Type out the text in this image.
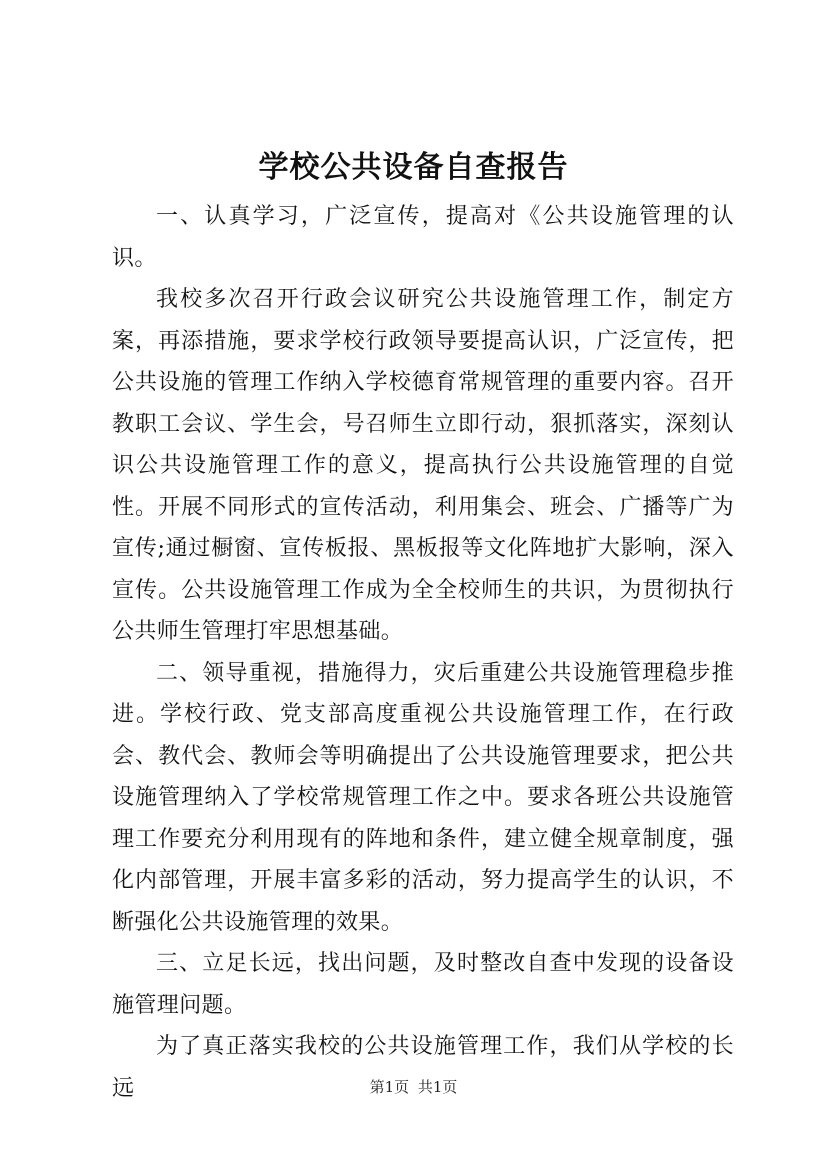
学校公共设备自查报告

一、认真学习，广泛宣传，提高对《公共设施管理的认识。

我校多次召开行政会议研究公共设施管理工作，制定方案，再添措施，要求学校行政领导要提高认识，广泛宣传，把公共设施的管理工作纳入学校德育常规管理的重要内容。召开教职工会议、学生会，号召师生立即行动，狠抓落实，深刻认识公共设施管理工作的意义，提高执行公共设施管理的自觉性。开展不同形式的宣传活动，利用集会、班会、广播等广为宣传;通过橱窗、宣传板报、黑板报等文化阵地扩大影响，深入宣传。公共设施管理工作成为全全校师生的共识，为贯彻执行公共师生管理打牢思想基础。

二、领导重视，措施得力，灾后重建公共设施管理稳步推进。学校行政、党支部高度重视公共设施管理工作，在行政会、教代会、教师会等明确提出了公共设施管理要求，把公共设施管理纳入了学校常规管理工作之中。要求各班公共设施管理工作要充分利用现有的阵地和条件，建立健全规章制度，强化内部管理，开展丰富多彩的活动，努力提高学生的认识，不断强化公共设施管理的效果。

三、立足长远，找出问题，及时整改自查中发现的设备设施管理问题。

为了真正落实我校的公共设施管理工作，我们从学校的长远	第1页 共1页
